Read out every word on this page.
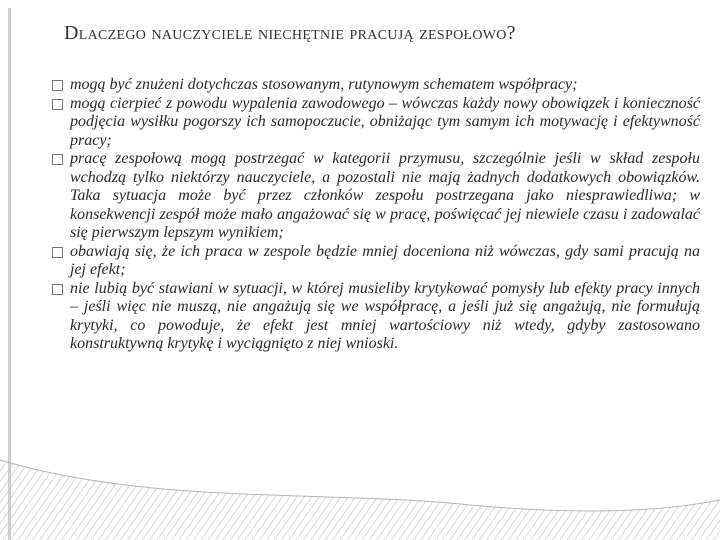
Dlaczego nauczyciele niechętnie pracują zespołowo?
mogą być znużeni dotychczas stosowanym, rutynowym schematem współpracy;
mogą cierpieć z powodu wypalenia zawodowego – wówczas każdy nowy obowiązek i konieczność podjęcia wysiłku pogorszy ich samopoczucie, obniżając tym samym ich motywację i efektywność pracy;
pracę zespołową mogą postrzegać w kategorii przymusu, szczególnie jeśli w skład zespołu wchodzą tylko niektórzy nauczyciele, a pozostali nie mają żadnych dodatkowych obowiązków. Taka sytuacja może być przez członków zespołu postrzegana jako niesprawiedliwa; w konsekwencji zespół może mało angażować się w pracę, poświęcać jej niewiele czasu i zadowalać się pierwszym lepszym wynikiem;
obawiają się, że ich praca w zespole będzie mniej doceniona niż wówczas, gdy sami pracują na jej efekt;
nie lubią być stawiani w sytuacji, w której musieliby krytykować pomysły lub efekty pracy innych – jeśli więc nie muszą, nie angażują się we współpracę, a jeśli już się angażują, nie formułują krytyki, co powoduje, że efekt jest mniej wartościowy niż wtedy, gdyby zastosowano konstruktywną krytykę i wyciągnięto z niej wnioski.
